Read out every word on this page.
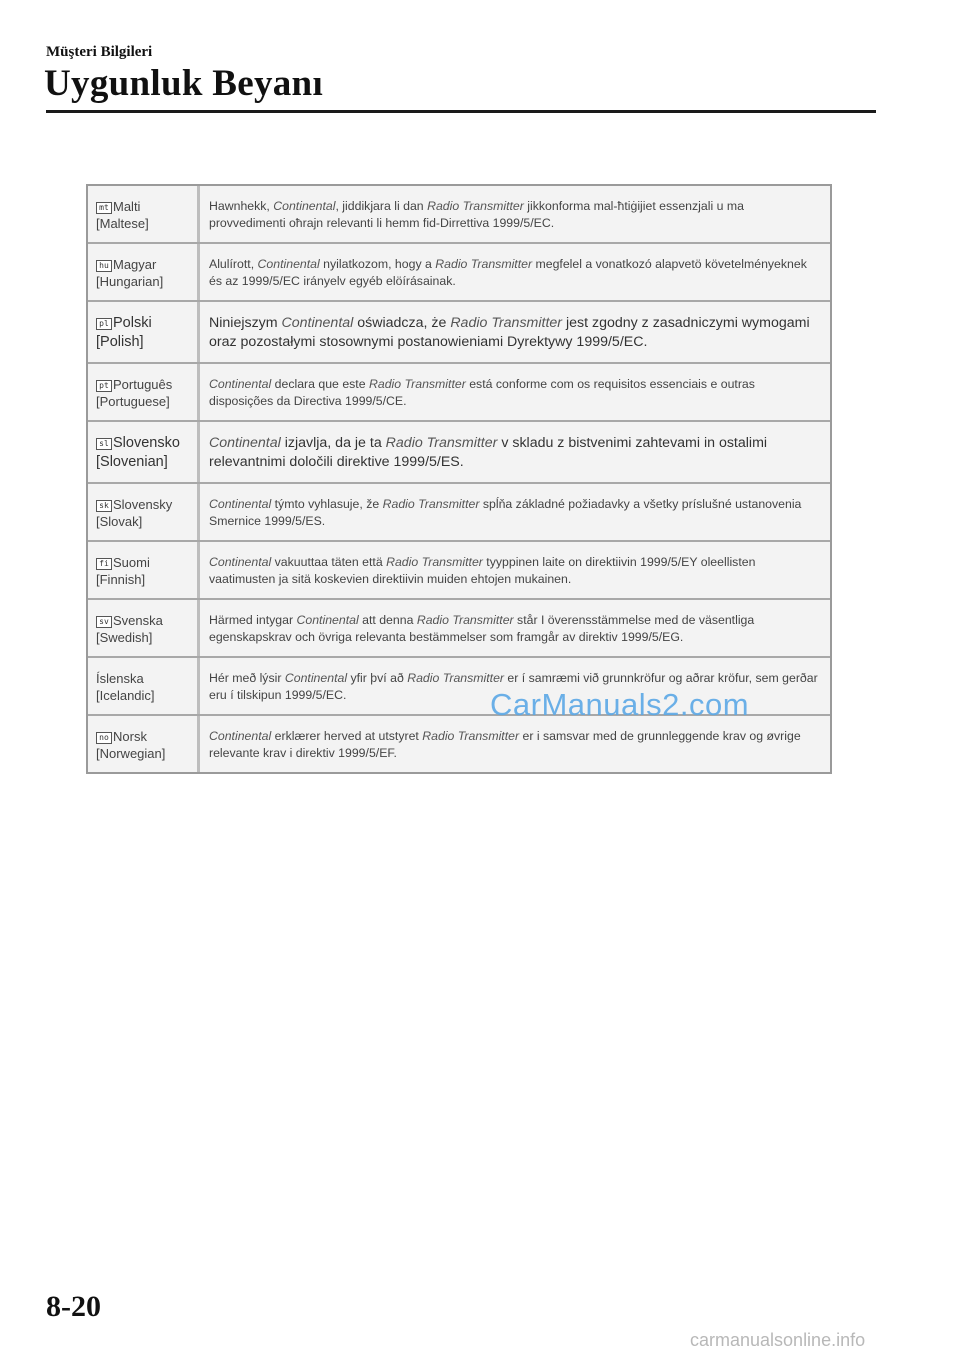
Müşteri Bilgileri
Uygunluk Beyanı
mt Malti
[Maltese]
Hawnhekk, Continental, jiddikjara li dan Radio Transmitter jikkonforma mal-ħtiġijiet essenzjali u ma provvedimenti oħrajn relevanti li hemm fid-Dirrettiva 1999/5/EC.
hu Magyar
[Hungarian]
Alulírott, Continental nyilatkozom, hogy a Radio Transmitter megfelel a vonatkozó alapvetö követelményeknek és az 1999/5/EC irányelv egyéb elöírásainak.
pl Polski
[Polish]
Niniejszym Continental oświadcza, że Radio Transmitter jest zgodny z zasadniczymi wymogami oraz pozostałymi stosownymi postanowieniami Dyrektywy 1999/5/EC.
pt Português
[Portuguese]
Continental declara que este Radio Transmitter está conforme com os requisitos essenciais e outras disposições da Directiva 1999/5/CE.
sl Slovensko
[Slovenian]
Continental izjavlja, da je ta Radio Transmitter v skladu z bistvenimi zahtevami in ostalimi relevantnimi določili direktive 1999/5/ES.
sk Slovensky
[Slovak]
Continental týmto vyhlasuje, že Radio Transmitter spĺňa základné požiadavky a všetky príslušné ustanovenia Smernice 1999/5/ES.
fi Suomi
[Finnish]
Continental vakuuttaa täten että Radio Transmitter tyyppinen laite on direktiivin 1999/5/EY oleellisten vaatimusten ja sitä koskevien direktiivin muiden ehtojen mukainen.
sv Svenska
[Swedish]
Härmed intygar Continental att denna Radio Transmitter står I överensstämmelse med de väsentliga egenskapskrav och övriga relevanta bestämmelser som framgår av direktiv 1999/5/EG.
Íslenska
[Icelandic]
Hér með lýsir Continental yfir því að Radio Transmitter er í samræmi við grunnkröfur og aðrar kröfur, sem gerðar eru í tilskipun 1999/5/EC.
no Norsk
[Norwegian]
Continental erklærer herved at utstyret Radio Transmitter er i samsvar med de grunnleggende krav og øvrige relevante krav i direktiv 1999/5/EF.
CarManuals2.com
8-20
carmanualsonline.info
